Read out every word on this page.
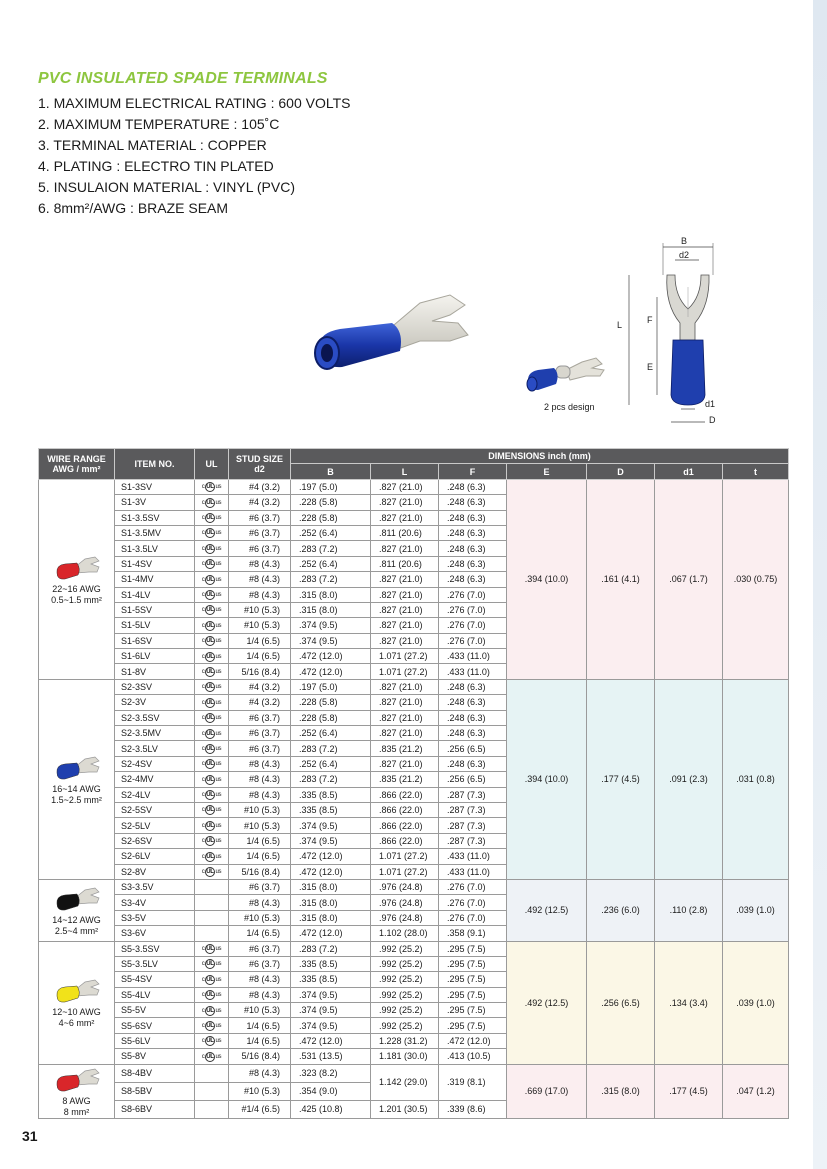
PVC INSULATED SPADE TERMINALS
1. MAXIMUM ELECTRICAL RATING : 600 VOLTS
2. MAXIMUM TEMPERATURE : 105˚C
3. TERMINAL MATERIAL : COPPER
4. PLATING : ELECTRO TIN PLATED
5. INSULAION MATERIAL : VINYL (PVC)
6. 8mm²/AWG : BRAZE SEAM
2 pcs design
B
d2
L	F
E
d1
D
WIRE RANGE
AWG / mm²	ITEM NO.	UL	STUD SIZE
d2	DIMENSIONS inch (mm)						
				B	L	F	E	D	d1	t

22~16 AWG
0.5~1.5 mm²	S1-3SV	c UL us	#4 (3.2)	.197 (5.0)	.827 (21.0)	.248 (6.3)	.394 (10.0)	.161 (4.1)	.067 (1.7)	.030 (0.75)
	S1-3V	c UL us	#4 (3.2)	.228 (5.8)	.827 (21.0)	.248 (6.3)				
	S1-3.5SV	c UL us	#6 (3.7)	.228 (5.8)	.827 (21.0)	.248 (6.3)				
	S1-3.5MV	c UL us	#6 (3.7)	.252 (6.4)	.811 (20.6)	.248 (6.3)				
	S1-3.5LV	c UL us	#6 (3.7)	.283 (7.2)	.827 (21.0)	.248 (6.3)				
	S1-4SV	c UL us	#8 (4.3)	.252 (6.4)	.811 (20.6)	.248 (6.3)				
	S1-4MV	c UL us	#8 (4.3)	.283 (7.2)	.827 (21.0)	.248 (6.3)				
	S1-4LV	c UL us	#8 (4.3)	.315 (8.0)	.827 (21.0)	.276 (7.0)				
	S1-5SV	c UL us	#10 (5.3)	.315 (8.0)	.827 (21.0)	.276 (7.0)				
	S1-5LV	c UL us	#10 (5.3)	.374 (9.5)	.827 (21.0)	.276 (7.0)				
	S1-6SV	c UL us	1/4 (6.5)	.374 (9.5)	.827 (21.0)	.276 (7.0)				
	S1-6LV	c UL us	1/4 (6.5)	.472 (12.0)	1.071 (27.2)	.433 (11.0)				
	S1-8V	c UL us	5/16 (8.4)	.472 (12.0)	1.071 (27.2)	.433 (11.0)				

16~14 AWG
1.5~2.5 mm²	S2-3SV	c UL us	#4 (3.2)	.197 (5.0)	.827 (21.0)	.248 (6.3)	.394 (10.0)	.177 (4.5)	.091 (2.3)	.031 (0.8)
	S2-3V	c UL us	#4 (3.2)	.228 (5.8)	.827 (21.0)	.248 (6.3)				
	S2-3.5SV	c UL us	#6 (3.7)	.228 (5.8)	.827 (21.0)	.248 (6.3)				
	S2-3.5MV	c UL us	#6 (3.7)	.252 (6.4)	.827 (21.0)	.248 (6.3)				
	S2-3.5LV	c UL us	#6 (3.7)	.283 (7.2)	.835 (21.2)	.256 (6.5)				
	S2-4SV	c UL us	#8 (4.3)	.252 (6.4)	.827 (21.0)	.248 (6.3)				
	S2-4MV	c UL us	#8 (4.3)	.283 (7.2)	.835 (21.2)	.256 (6.5)				
	S2-4LV	c UL us	#8 (4.3)	.335 (8.5)	.866 (22.0)	.287 (7.3)				
	S2-5SV	c UL us	#10 (5.3)	.335 (8.5)	.866 (22.0)	.287 (7.3)				
	S2-5LV	c UL us	#10 (5.3)	.374 (9.5)	.866 (22.0)	.287 (7.3)				
	S2-6SV	c UL us	1/4 (6.5)	.374 (9.5)	.866 (22.0)	.287 (7.3)				
	S2-6LV	c UL us	1/4 (6.5)	.472 (12.0)	1.071 (27.2)	.433 (11.0)				
	S2-8V	c UL us	5/16 (8.4)	.472 (12.0)	1.071 (27.2)	.433 (11.0)				

14~12 AWG
2.5~4 mm²	S3-3.5V		#6 (3.7)	.315 (8.0)	.976 (24.8)	.276 (7.0)	.492 (12.5)	.236 (6.0)	.110 (2.8)	.039 (1.0)
	S3-4V		#8 (4.3)	.315 (8.0)	.976 (24.8)	.276 (7.0)				
	S3-5V		#10 (5.3)	.315 (8.0)	.976 (24.8)	.276 (7.0)				
	S3-6V		1/4 (6.5)	.472 (12.0)	1.102 (28.0)	.358 (9.1)				

12~10 AWG
4~6 mm²	S5-3.5SV	c UL us	#6 (3.7)	.283 (7.2)	.992 (25.2)	.295 (7.5)	.492 (12.5)	.256 (6.5)	.134 (3.4)	.039 (1.0)
	S5-3.5LV	c UL us	#6 (3.7)	.335 (8.5)	.992 (25.2)	.295 (7.5)				
	S5-4SV	c UL us	#8 (4.3)	.335 (8.5)	.992 (25.2)	.295 (7.5)				
	S5-4LV	c UL us	#8 (4.3)	.374 (9.5)	.992 (25.2)	.295 (7.5)				
	S5-5V	c UL us	#10 (5.3)	.374 (9.5)	.992 (25.2)	.295 (7.5)				
	S5-6SV	c UL us	1/4 (6.5)	.374 (9.5)	.992 (25.2)	.295 (7.5)				
	S5-6LV	c UL us	1/4 (6.5)	.472 (12.0)	1.228 (31.2)	.472 (12.0)				
	S5-8V	c UL us	5/16 (8.4)	.531 (13.5)	1.181 (30.0)	.413 (10.5)				

8 AWG
8 mm²	S8-4BV		#8 (4.3)	.323 (8.2)	1.142 (29.0)	.319 (8.1)	.669 (17.0)	.315 (8.0)	.177 (4.5)	.047 (1.2)
	S8-5BV		#10 (5.3)	.354 (9.0)						
	S8-6BV		#1/4 (6.5)	.425 (10.8)	1.201 (30.5)	.339 (8.6)				
31
